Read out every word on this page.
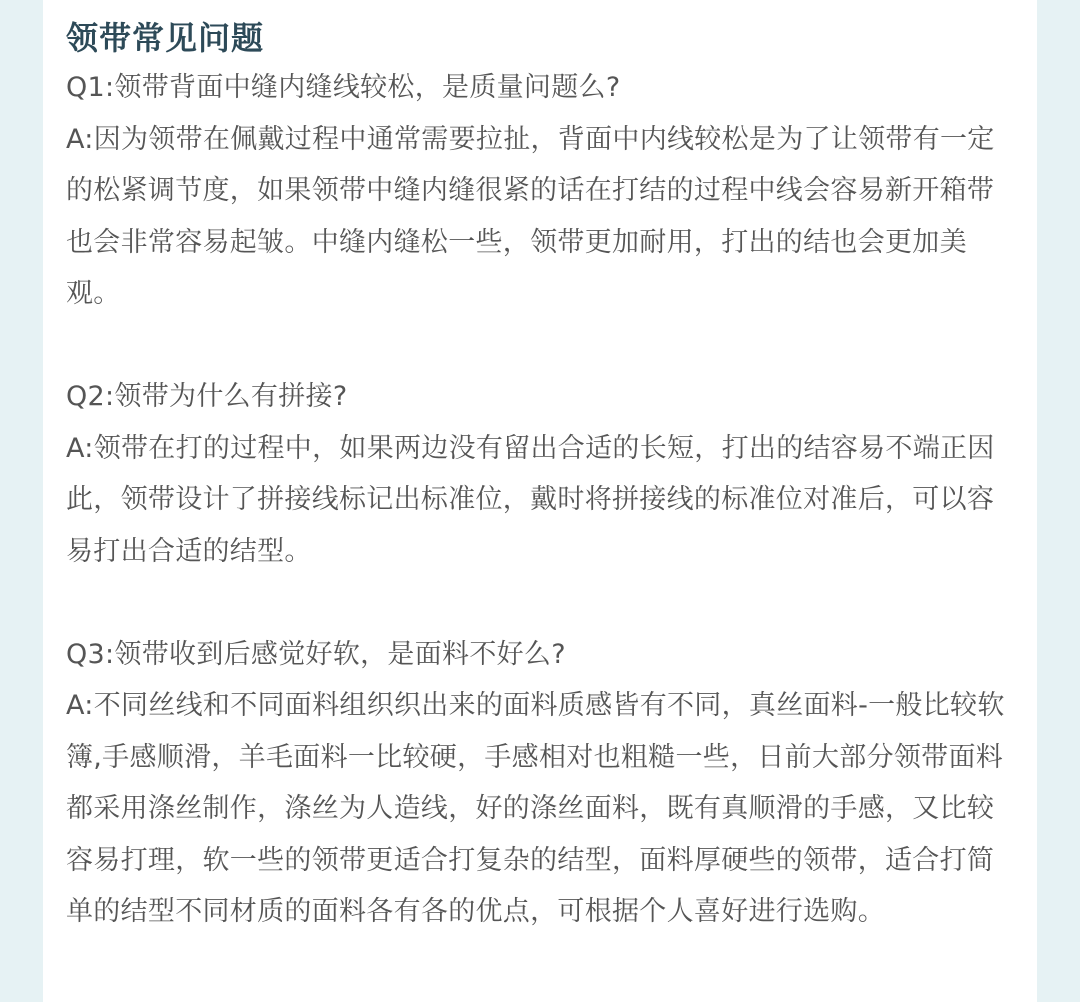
领带常见问题

Q1:领带背面中缝内缝线较松，是质量问题么?

A:因为领带在佩戴过程中通常需要拉扯，背面中内线较松是为了让领带有一定的松紧调节度，如果领带中缝内缝很紧的话在打结的过程中线会容易新开箱带也会非常容易起皱。中缝内缝松一些，领带更加耐用，打出的结也会更加美观。

Q2:领带为什么有拼接?

A:领带在打的过程中，如果两边没有留出合适的长短，打出的结容易不端正因此，领带设计了拼接线标记出标准位，戴时将拼接线的标准位对准后，可以容易打出合适的结型。

Q3:领带收到后感觉好软，是面料不好么?

A:不同丝线和不同面料组织织出来的面料质感皆有不同，真丝面料-一般比较软簿,手感顺滑，羊毛面料一比较硬，手感相对也粗糙一些，日前大部分领带面料都采用涤丝制作，涤丝为人造线，好的涤丝面料，既有真顺滑的手感，又比较容易打理，软一些的领带更适合打复杂的结型，面料厚硬些的领带，适合打简单的结型不同材质的面料各有各的优点，可根据个人喜好进行选购。
